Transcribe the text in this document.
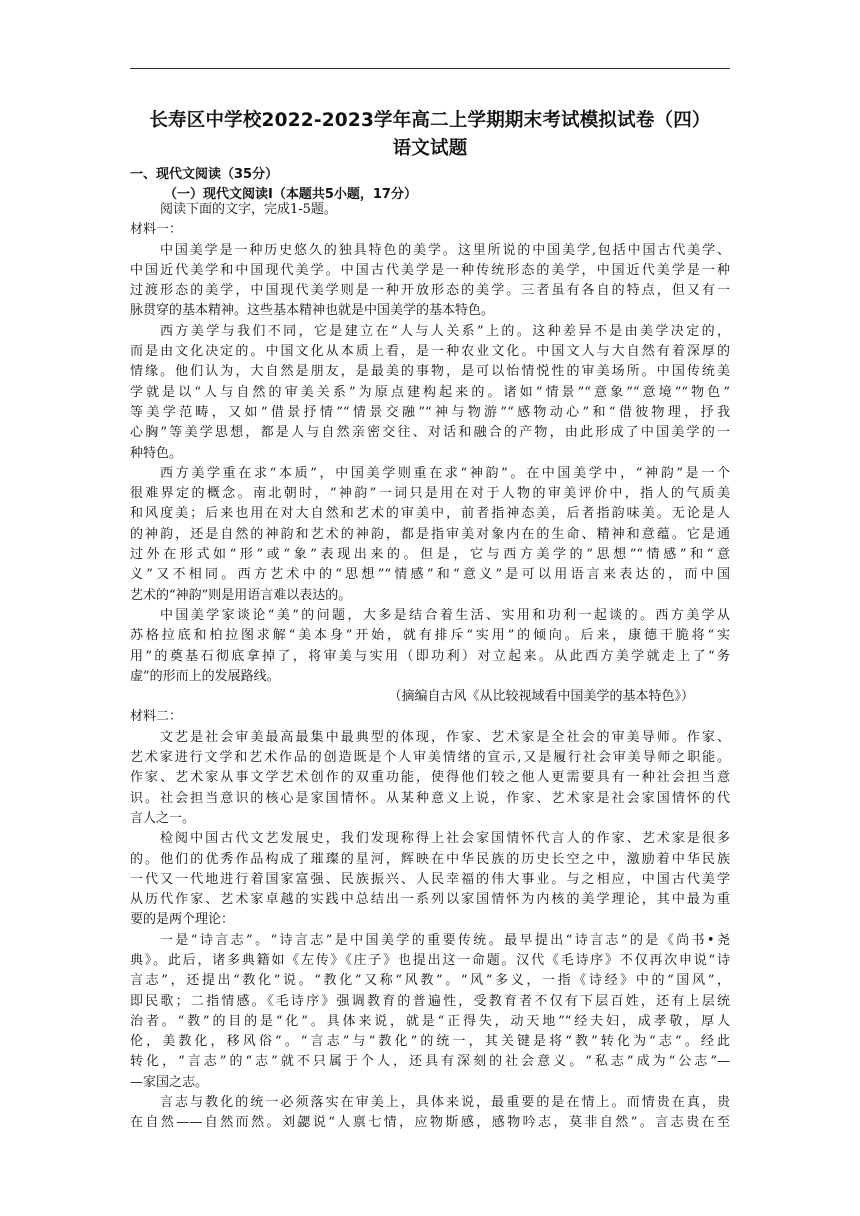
长寿区中学校2022-2023学年高二上学期期末考试模拟试卷（四）
语文试题
一、现代文阅读（35分）
（一）现代文阅读Ⅰ（本题共5小题，17分）
阅读下面的文字，完成1-5题。
材料一：
中国美学是一种历史悠久的独具特色的美学。这里所说的中国美学,包括中国古代美学、
中国近代美学和中国现代美学。中国古代美学是一种传统形态的美学，中国近代美学是一种
过渡形态的美学，中国现代美学则是一种开放形态的美学。三者虽有各自的特点，但又有一
脉贯穿的基本精神。这些基本精神也就是中国美学的基本特色。
西方美学与我们不同，它是建立在“人与人关系”上的。这种差异不是由美学决定的，
而是由文化决定的。中国文化从本质上看，是一种农业文化。中国文人与大自然有着深厚的
情缘。他们认为，大自然是朋友，是最美的事物，是可以怡情悦性的审美场所。中国传统美
学就是以“人与自然的审美关系”为原点建构起来的。诸如“情景”“意象”“意境”“物色”
等美学范畴，又如“借景抒情”“情景交融”“神与物游”“感物动心”和“借彼物理，抒我
心胸”等美学思想，都是人与自然亲密交往、对话和融合的产物，由此形成了中国美学的一
种特色。
西方美学重在求“本质”，中国美学则重在求“神韵”。在中国美学中，“神韵”是一个
很难界定的概念。南北朝时，“神韵”一词只是用在对于人物的审美评价中，指人的气质美
和风度美；后来也用在对大自然和艺术的审美中，前者指神态美，后者指韵味美。无论是人
的神韵，还是自然的神韵和艺术的神韵，都是指审美对象内在的生命、精神和意蕴。它是通
过外在形式如“形”或“象”表现出来的。但是，它与西方美学的“思想”“情感”和“意
义”又不相同。西方艺术中的“思想”“情感”和“意义”是可以用语言来表达的，而中国
艺术的“神韵”则是用语言难以表达的。
中国美学家谈论“美”的问题，大多是结合着生活、实用和功利一起谈的。西方美学从
苏格拉底和柏拉图求解“美本身”开始，就有排斥“实用”的倾向。后来，康德干脆将“实
用”的奠基石彻底拿掉了，将审美与实用（即功利）对立起来。从此西方美学就走上了“务
虚”的形而上的发展路线。
（摘编自古风《从比较视域看中国美学的基本特色》）
材料二：
文艺是社会审美最高最集中最典型的体现，作家、艺术家是全社会的审美导师。作家、
艺术家进行文学和艺术作品的创造既是个人审美情绪的宣示,又是履行社会审美导师之职能。
作家、艺术家从事文学艺术创作的双重功能，使得他们较之他人更需要具有一种社会担当意
识。社会担当意识的核心是家国情怀。从某种意义上说，作家、艺术家是社会家国情怀的代
言人之一。
检阅中国古代文艺发展史，我们发现称得上社会家国情怀代言人的作家、艺术家是很多
的。他们的优秀作品构成了璀璨的星河，辉映在中华民族的历史长空之中，激励着中华民族
一代又一代地进行着国家富强、民族振兴、人民幸福的伟大事业。与之相应，中国古代美学
从历代作家、艺术家卓越的实践中总结出一系列以家国情怀为内核的美学理论，其中最为重
要的是两个理论：
一是“诗言志”。“诗言志”是中国美学的重要传统。最早提出“诗言志”的是《尚书•尧
典》。此后，诸多典籍如《左传》《庄子》也提出这一命题。汉代《毛诗序》不仅再次申说“诗
言志”，还提出“教化”说。“教化”又称“风教”。“风”多义，一指《诗经》中的“国风”，
即民歌；二指情感。《毛诗序》强调教育的普遍性，受教育者不仅有下层百姓，还有上层统
治者。“教”的目的是“化”。具体来说，就是“正得失，动天地”“经夫妇，成孝敬，厚人
伦，美教化，移风俗”。“言志”与“教化”的统一，其关键是将“教”转化为“志”。经此
转化，“言志”的“志”就不只属于个人，还具有深刻的社会意义。“私志”成为“公志”—
—家国之志。
言志与教化的统一必须落实在审美上，具体来说，最重要的是在情上。而情贵在真，贵
在自然——自然而然。刘勰说“人禀七情，应物斯感，感物吟志，莫非自然”。言志贵在至
